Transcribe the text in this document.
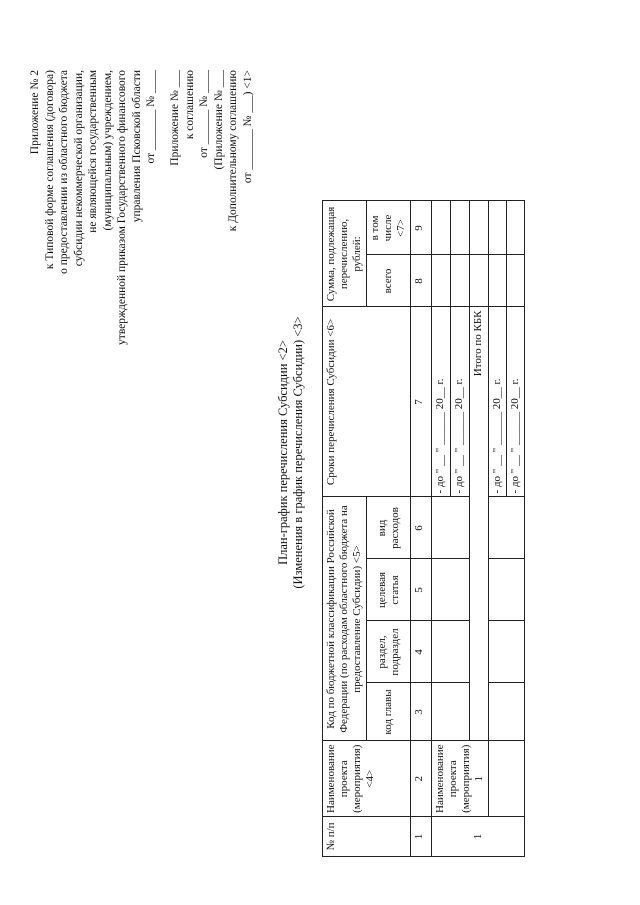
Приложение № 2 к Типовой форме соглашения (договора) о предоставлении из областного бюджета субсидии некоммерческой организации, не являющейся государственным (муниципальным) учреждением, утвержденной приказом Государственного финансового управления Псковской области от _______ № ____ Приложение № ___ к соглашению от ______ № ____ (Приложение № ___ к Дополнительному соглашению от _______ № ___) <1>
План-график перечисления Субсидии <2> (Изменения в график перечисления Субсидии) <3>
№ п/п	Наименование проекта (мероприятия) <4>	Код по бюджетной классификации Российской Федерации (по расходам областного бюджета на предоставление Субсидии) <5>				Сроки перечисления Субсидии <6>	Сумма, подлежащая перечислению, рублей:	
		код главы	раздел, подраздел	целевая статья	вид расходов		всего	в том числе <7>
1	2	3	4	5	6	7	8	9
1	Наименование проекта (мероприятия) 1					- до " __ " ______ 20__ г.		
						- до " __ " ______ 20__ г.		
		Итого по КБК						
						- до " __ " ______ 20__ г.		
						- до " __ " ______ 20__ г.		
